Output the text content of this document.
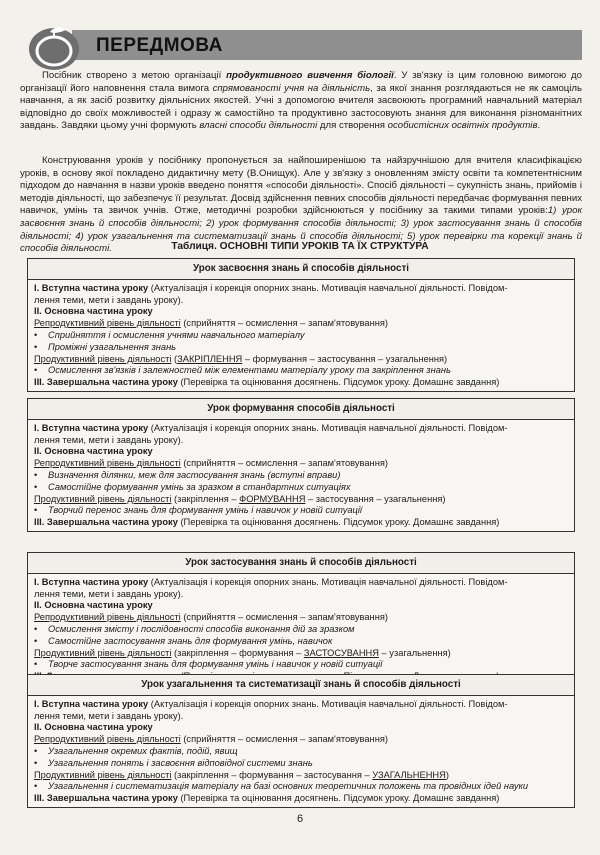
ПЕРЕДМОВА
Посібник створено з метою організації продуктивного вивчення біології. У зв'язку із цим головною вимогою до організації його наповнення стала вимога спрямованості учня на діяльність, за якої знання розглядаються не як самоціль навчання, а як засіб розвитку діяльнісних якостей. Учні з допомогою вчителя засвоюють програмний навчальний матеріал відповідно до своїх можливостей і одразу ж самостійно та продуктивно застосовують знання для виконання різноманітних завдань. Завдяки цьому учні формують власні способи діяльності для створення особистісних освітніх продуктів.
Конструювання уроків у посібнику пропонується за найпоширенішою та найзручнішою для вчителя класифікацією уроків, в основу якої покладено дидактичну мету (В.Онищук). Але у зв'язку з оновленням змісту освіти та компетентнісним підходом до навчання в назви уроків введено поняття «способи діяльності». Спосіб діяльності – сукупність знань, прийомів і методів діяльності, що забезпечує її результат. Досвід здійснення певних способів діяльності передбачає формування певних навичок, умінь та звичок учнів. Отже, методичні розробки здійснюються у посібнику за такими типами уроків:1) урок засвоєння знань й способів діяльності; 2) урок формування способів діяльності; 3) урок застосування знань й способів діяльності; 4) урок узагальнення та систематизації знань й способів діяльності; 5) урок перевірки та корекції знань й способів діяльності.	Таблиця. ОСНОВНІ ТИПИ УРОКІВ ТА ЇХ СТРУКТУРА
Урок засвоєння знань й способів діяльності
І. Вступна частина уроку (Актуалізація і корекція опорних знань. Мотивація навчальної діяльності. Повідом-
лення теми, мети і завдань уроку).
ІІ. Основна частина уроку
Репродуктивний рівень діяльності (сприйняття – осмислення – запам'ятовування)
• Сприйняття і осмислення учнями навчального матеріалу
• Проміжні узагальнення знань
Продуктивний рівень діяльності (ЗАКРІПЛЕННЯ – формування – застосування – узагальнення)
• Осмислення зв'язків і залежностей між елементами матеріалу уроку та закріплення знань
ІІІ. Завершальна частина уроку (Перевірка та оцінювання досягнень. Підсумок уроку. Домашнє завдання)
Урок формування способів діяльності
І. Вступна частина уроку (Актуалізація і корекція опорних знань. Мотивація навчальної діяльності. Повідом-
лення теми, мети і завдань уроку).
ІІ. Основна частина уроку
Репродуктивний рівень діяльності (сприйняття – осмислення – запам'ятовування)
• Визначення ділянки, меж для застосування знань (вступні вправи)
• Самостійне формування умінь за зразком в стандартних ситуаціях
Продуктивний рівень діяльності (закріплення – ФОРМУВАННЯ – застосування – узагальнення)
• Творчий перенос знань для формування умінь і навичок у новій ситуації
ІІІ. Завершальна частина уроку (Перевірка та оцінювання досягнень. Підсумок уроку. Домашнє завдання)
Урок застосування знань й способів діяльності
І. Вступна частина уроку (Актуалізація і корекція опорних знань. Мотивація навчальної діяльності. Повідом-
лення теми, мети і завдань уроку).
ІІ. Основна частина уроку
Репродуктивний рівень діяльності (сприйняття – осмислення – запам'ятовування)
• Осмислення змісту і послідовності способів виконання дій за зразком
• Самостійне застосування знань для формування умінь, навичок
Продуктивний рівень діяльності (закріплення – формування – ЗАСТОСУВАННЯ – узагальнення)
• Творче застосування знань для формування умінь і навичок у новій ситуації
Урок узагальнення та систематизації знань й способів діяльності
І. Вступна частина уроку (Актуалізація і корекція опорних знань. Мотивація навчальної діяльності. Повідом-
лення теми, мети і завдань уроку).
ІІ. Основна частина уроку
Репродуктивний рівень діяльності (сприйняття – осмислення – запам'ятовування)
• Узагальнення окремих фактів, подій, явищ
• Узагальнення понять і засвоєння відповідної системи знань
Продуктивний рівень діяльності (закріплення – формування – застосування – УЗАГАЛЬНЕННЯ)
• Узагальнення і систематизація матеріалу на базі основних теоретичних положень та провідних ідей науки
ІІІ. Завершальна частина уроку (Перевірка та оцінювання досягнень. Підсумок уроку. Домашнє завдання)
6
